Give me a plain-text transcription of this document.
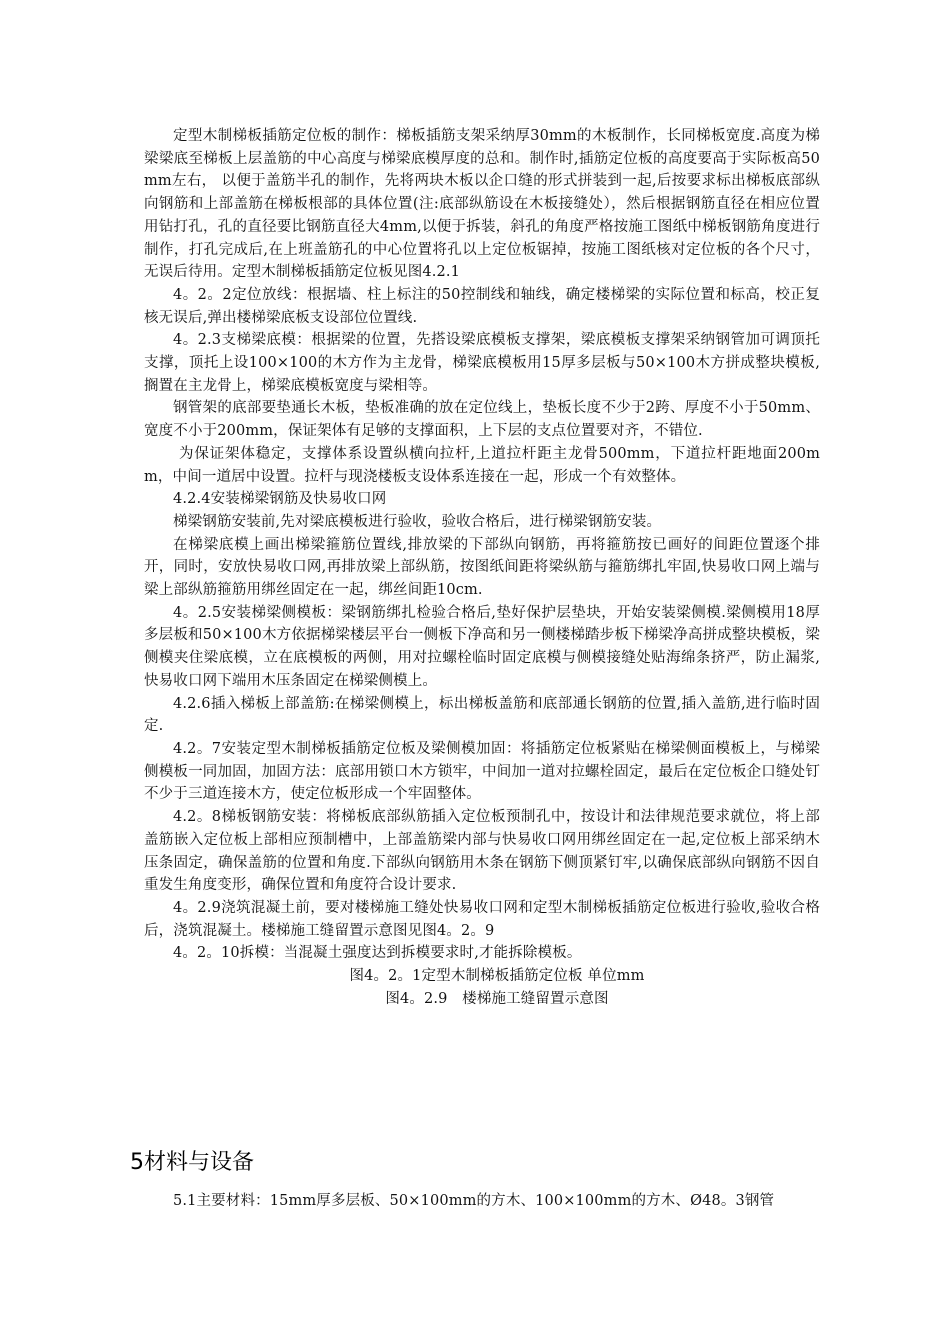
定型木制梯板插筋定位板的制作：梯板插筋支架采纳厚30mm的木板制作，长同梯板宽度.高度为梯梁梁底至梯板上层盖筋的中心高度与梯梁底模厚度的总和。制作时,插筋定位板的高度要高于实际板高50mm左右， 以便于盖筋半孔的制作，先将两块木板以企口缝的形式拼装到一起,后按要求标出梯板底部纵向钢筋和上部盖筋在梯板根部的具体位置(注:底部纵筋设在木板接缝处），然后根据钢筋直径在相应位置用钻打孔，孔的直径要比钢筋直径大4mm,以便于拆装，斜孔的角度严格按施工图纸中梯板钢筋角度进行制作，打孔完成后,在上班盖筋孔的中心位置将孔以上定位板锯掉，按施工图纸核对定位板的各个尺寸，无误后待用。定型木制梯板插筋定位板见图4.2.1

4。2。2定位放线：根据墙、柱上标注的50控制线和轴线，确定楼梯梁的实际位置和标高，校正复核无误后,弹出楼梯梁底板支设部位位置线.

4。2.3支梯梁底模：根据梁的位置，先搭设梁底模板支撑架，梁底模板支撑架采纳钢管加可调顶托支撑，顶托上设100×100的木方作为主龙骨，梯梁底模板用15厚多层板与50×100木方拼成整块模板,搁置在主龙骨上，梯梁底模板宽度与梁相等。

钢管架的底部要垫通长木板，垫板准确的放在定位线上，垫板长度不少于2跨、厚度不小于50mm、宽度不小于200mm，保证架体有足够的支撑面积，上下层的支点位置要对齐，不错位.

为保证架体稳定，支撑体系设置纵横向拉杆,上道拉杆距主龙骨500mm，下道拉杆距地面200mm，中间一道居中设置。拉杆与现浇楼板支设体系连接在一起，形成一个有效整体。

4.2.4安装梯梁钢筋及快易收口网

梯梁钢筋安装前,先对梁底模板进行验收，验收合格后，进行梯梁钢筋安装。

在梯梁底模上画出梯梁箍筋位置线,排放梁的下部纵向钢筋，再将箍筋按已画好的间距位置逐个排开，同时，安放快易收口网,再排放梁上部纵筋，按图纸间距将梁纵筋与箍筋绑扎牢固,快易收口网上端与梁上部纵筋箍筋用绑丝固定在一起，绑丝间距10cm.

4。2.5安装梯梁侧模板：梁钢筋绑扎检验合格后,垫好保护层垫块，开始安装梁侧模.梁侧模用18厚多层板和50×100木方依据梯梁楼层平台一侧板下净高和另一侧楼梯踏步板下梯梁净高拼成整块模板，梁侧模夹住梁底模，立在底模板的两侧，用对拉螺栓临时固定底模与侧模接缝处贴海绵条挤严，防止漏浆,快易收口网下端用木压条固定在梯梁侧模上。

4.2.6插入梯板上部盖筋:在梯梁侧模上，标出梯板盖筋和底部通长钢筋的位置,插入盖筋,进行临时固定.

4.2。7安装定型木制梯板插筋定位板及梁侧模加固：将插筋定位板紧贴在梯梁侧面模板上，与梯梁侧模板一同加固，加固方法：底部用锁口木方锁牢，中间加一道对拉螺栓固定，最后在定位板企口缝处钉不少于三道连接木方，使定位板形成一个牢固整体。

4.2。8梯板钢筋安装：将梯板底部纵筋插入定位板预制孔中，按设计和法律规范要求就位，将上部盖筋嵌入定位板上部相应预制槽中，上部盖筋梁内部与快易收口网用绑丝固定在一起,定位板上部采纳木压条固定，确保盖筋的位置和角度.下部纵向钢筋用木条在钢筋下侧顶紧钉牢,以确保底部纵向钢筋不因自重发生角度变形，确保位置和角度符合设计要求.

4。2.9浇筑混凝土前，要对楼梯施工缝处快易收口网和定型木制梯板插筋定位板进行验收,验收合格后，浇筑混凝土。楼梯施工缝留置示意图见图4。2。9

4。2。10拆模：当混凝土强度达到拆模要求时,才能拆除模板。

图4。2。1定型木制梯板插筋定位板 单位mm

图4。2.9　楼梯施工缝留置示意图

5材料与设备

5.1主要材料：15mm厚多层板、50×100mm的方木、100×100mm的方木、Ø48。3钢管
